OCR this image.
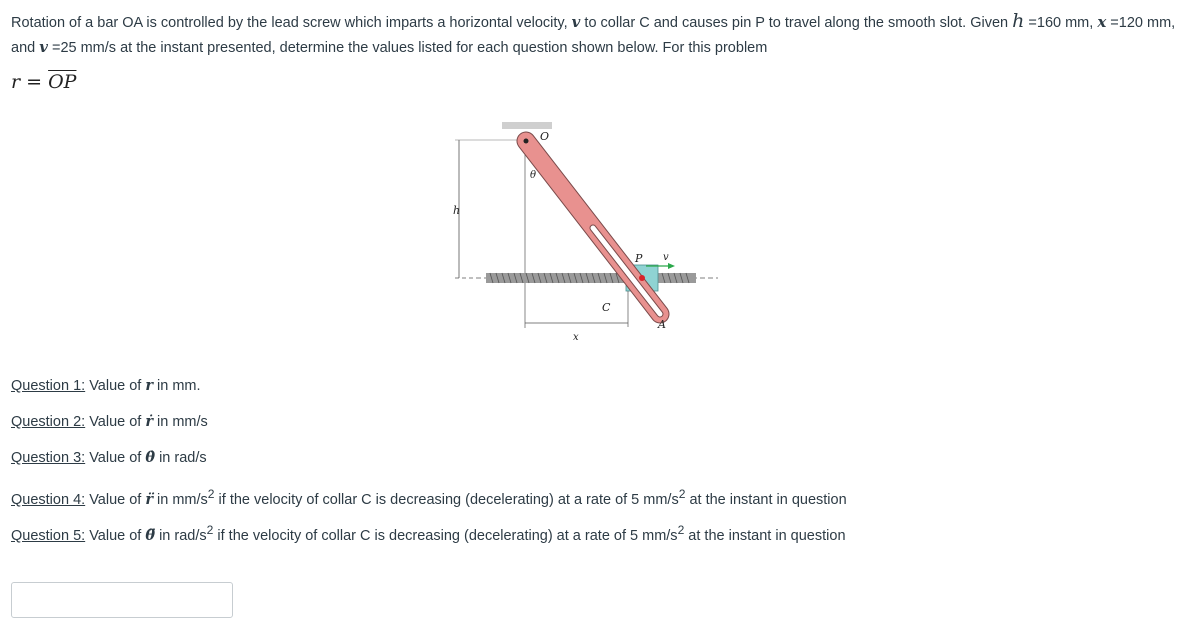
Rotation of a bar OA is controlled by the lead screw which imparts a horizontal velocity, v to collar C and causes pin P to travel along the smooth slot. Given h =160 mm, x =120 mm, and v =25 mm/s at the instant presented, determine the values listed for each question shown below. For this problem

$r = \overline{OP}$
h
O
θ
P v
C
A
x

Question 1: Value of r in mm.

Question 2: Value of ṙ in mm/s

Question 3: Value of θ̇ in rad/s

Question 4: Value of r̈ in $mm/s^2$ if the velocity of collar C is decreasing (decelerating) at a rate of 5 $mm/s^2$ at the instant in question

Question 5: Value of θ̈ in rad/$s^2$ if the velocity of collar C is decreasing (decelerating) at a rate of 5 $mm/s^2$ at the instant in question
